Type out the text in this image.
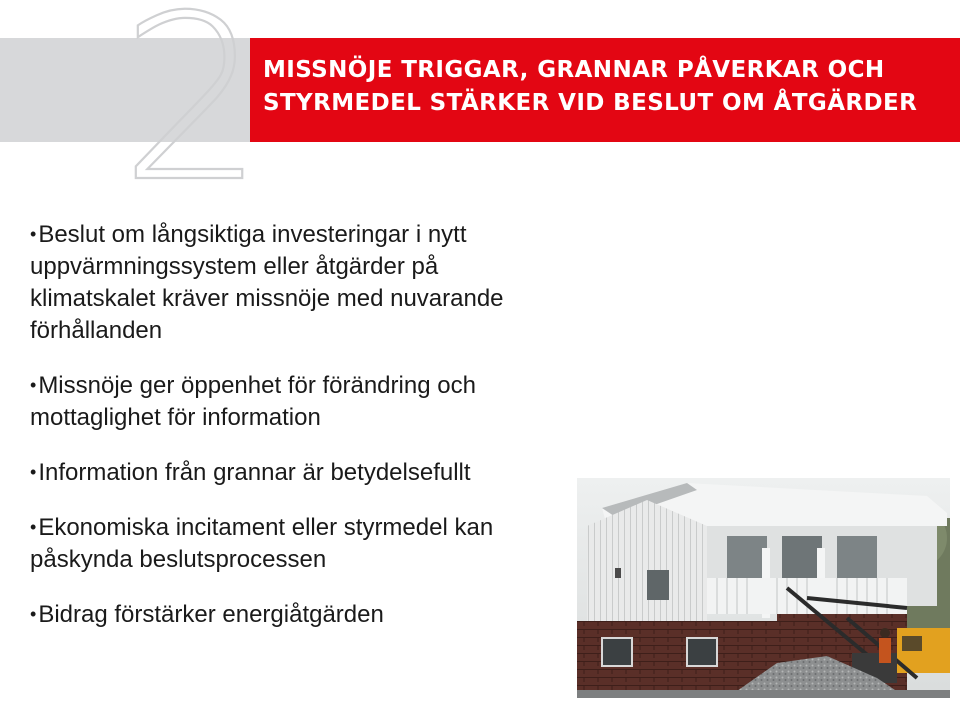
2
MISSNÖJE TRIGGAR, GRANNAR PÅVERKAR OCH
STYRMEDEL STÄRKER VID BESLUT OM ÅTGÄRDER
•Beslut om långsiktiga investeringar i nytt uppvärmningssystem eller åtgärder på klimatskalet kräver missnöje med nuvarande förhållanden
•Missnöje ger öppenhet för förändring och mottaglighet för information
•Information från grannar är betydelsefullt
•Ekonomiska incitament eller styrmedel kan påskynda beslutsprocessen
•Bidrag förstärker energiåtgärden
